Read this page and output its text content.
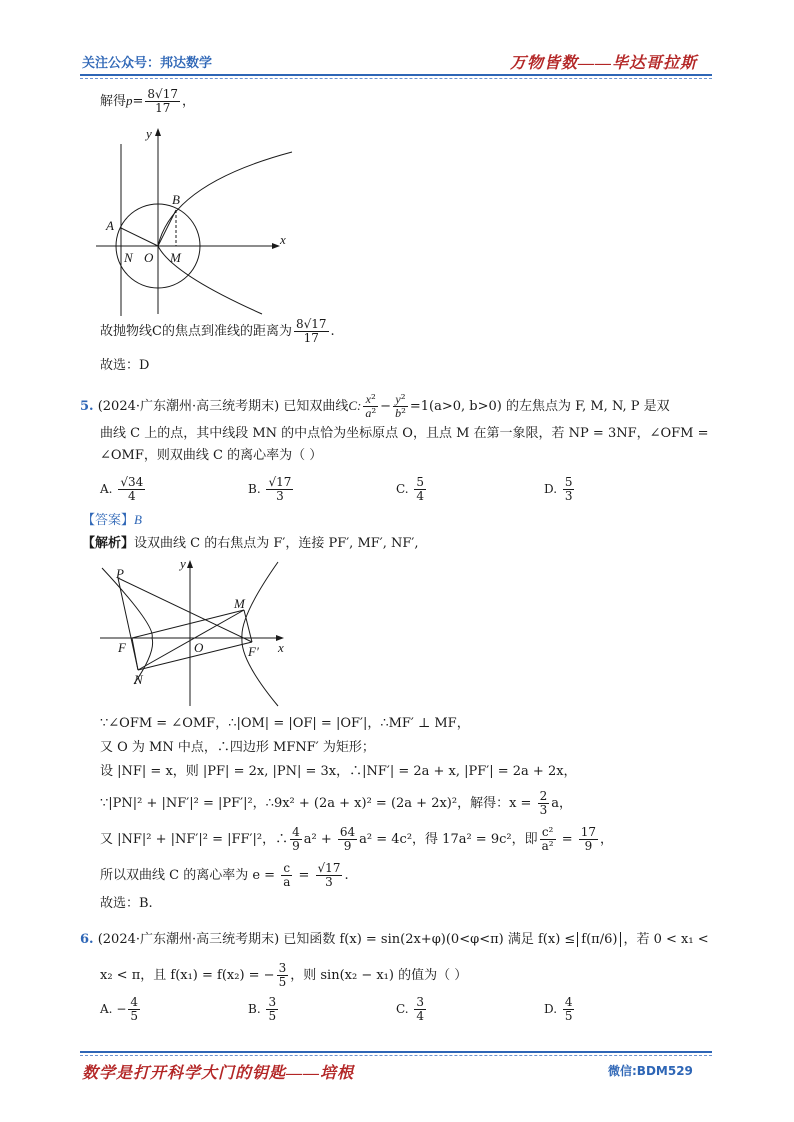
关注公众号：邦达数学	万物皆数——毕达哥拉斯
解得$p= \frac{8√17}{17}$ ，
y
x
A
B
N O M
故抛物线C的焦点到准线的距离为 $\frac{8√17}{17}$ .
故选：D
5. (2024·广东潮州·高三统考期末) 已知双曲线C: $\frac{\text{x²}}{\text{a²}} - \frac{\text{y²}}{\text{b²}} =1(a>0$, b>0) 的左焦点为 F, M, N, P 是双
曲线 C 上的点，其中线段 MN 的中点恰为坐标原点 O，且点 M 在第一象限，若 NP = 3NF，∠OFM =
∠OMF，则双曲线 C 的离心率为（ ）
A. $\frac{√34}{4}$	B. $\frac{√17}{3}$	C. $\frac{5}{4}$	D. $\frac{5}{3}$
【答案】B
【解析】设双曲线 C 的右焦点为 F′，连接 PF′, MF′, NF′,
P
y
M
F	O	F′ x
N
∵∠OFM = ∠OMF，∴|OM| = |OF| = |OF′|，∴MF′ ⊥ MF，
又 O 为 MN 中点，∴四边形 MFNF′ 为矩形；
设 |NF| = x，则 |PF| = 2x, |PN| = 3x，∴|NF′| = 2a + x, |PF′| = 2a + 2x，
∵|PN|² + |NF′|² = |PF′|²，∴9x² + (2a + x)² = (2a + 2x)²，解得：$x = \frac{2}{3}$ a，
又 |NF|² + |NF′|² = |FF′|²，∴ $\frac{4}{9} a^2 + \frac{64}{9} a^2 = 4c^2$，得 17a² = 9c²，即 $\frac{\text{c²}}{\text{a²}} = \frac{17}{9}$ ，
所以双曲线 C 的离心率为 $e = \frac{c}{a} = \frac{√17}{3}$ .
故选：B.
6. (2024·广东潮州·高三统考期末) 已知函数 f(x) = sin(2x+φ)(0<φ<π) 满足 f(x) ≤ f(π/6) ，若 0 < x₁ <
x₂ < π，且 f(x₁) = f(x₂) = − $\frac{3}{5}$ ，则 sin(x₂ − x₁) 的值为（ ）
A. − $\frac{4}{5}$	B. $\frac{3}{5}$	C. $\frac{3}{4}$	D. $\frac{4}{5}$
数学是打开科学大门的钥匙——培根	微信:BDM529
